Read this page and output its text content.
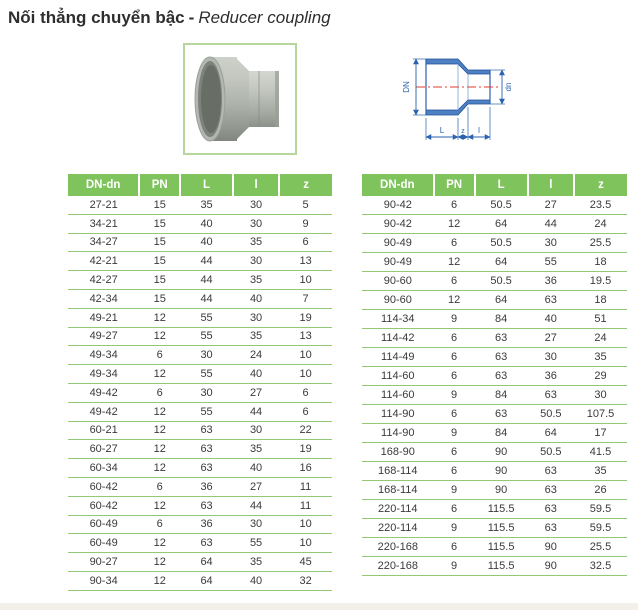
Nối thẳng chuyển bậc - Reducer coupling
DN	dn
L z l
DN-dn	PN	L	l	z
27-21	15	35	30	5
34-21	15	40	30	9
34-27	15	40	35	6
42-21	15	44	30	13
42-27	15	44	35	10
42-34	15	44	40	7
49-21	12	55	30	19
49-27	12	55	35	13
49-34	6	30	24	10
49-34	12	55	40	10
49-42	6	30	27	6
49-42	12	55	44	6
60-21	12	63	30	22
60-27	12	63	35	19
60-34	12	63	40	16
60-42	6	36	27	11
60-42	12	63	44	11
60-49	6	36	30	10
60-49	12	63	55	10
90-27	12	64	35	45
90-34	12	64	40	32
DN-dn	PN	L	l	z
90-42	6	50.5	27	23.5
90-42	12	64	44	24
90-49	6	50.5	30	25.5
90-49	12	64	55	18
90-60	6	50.5	36	19.5
90-60	12	64	63	18
114-34	9	84	40	51
114-42	6	63	27	24
114-49	6	63	30	35
114-60	6	63	36	29
114-60	9	84	63	30
114-90	6	63	50.5	107.5
114-90	9	84	64	17
168-90	6	90	50.5	41.5
168-114	6	90	63	35
168-114	9	90	63	26
220-114	6	115.5	63	59.5
220-114	9	115.5	63	59.5
220-168	6	115.5	90	25.5
220-168	9	115.5	90	32.5
